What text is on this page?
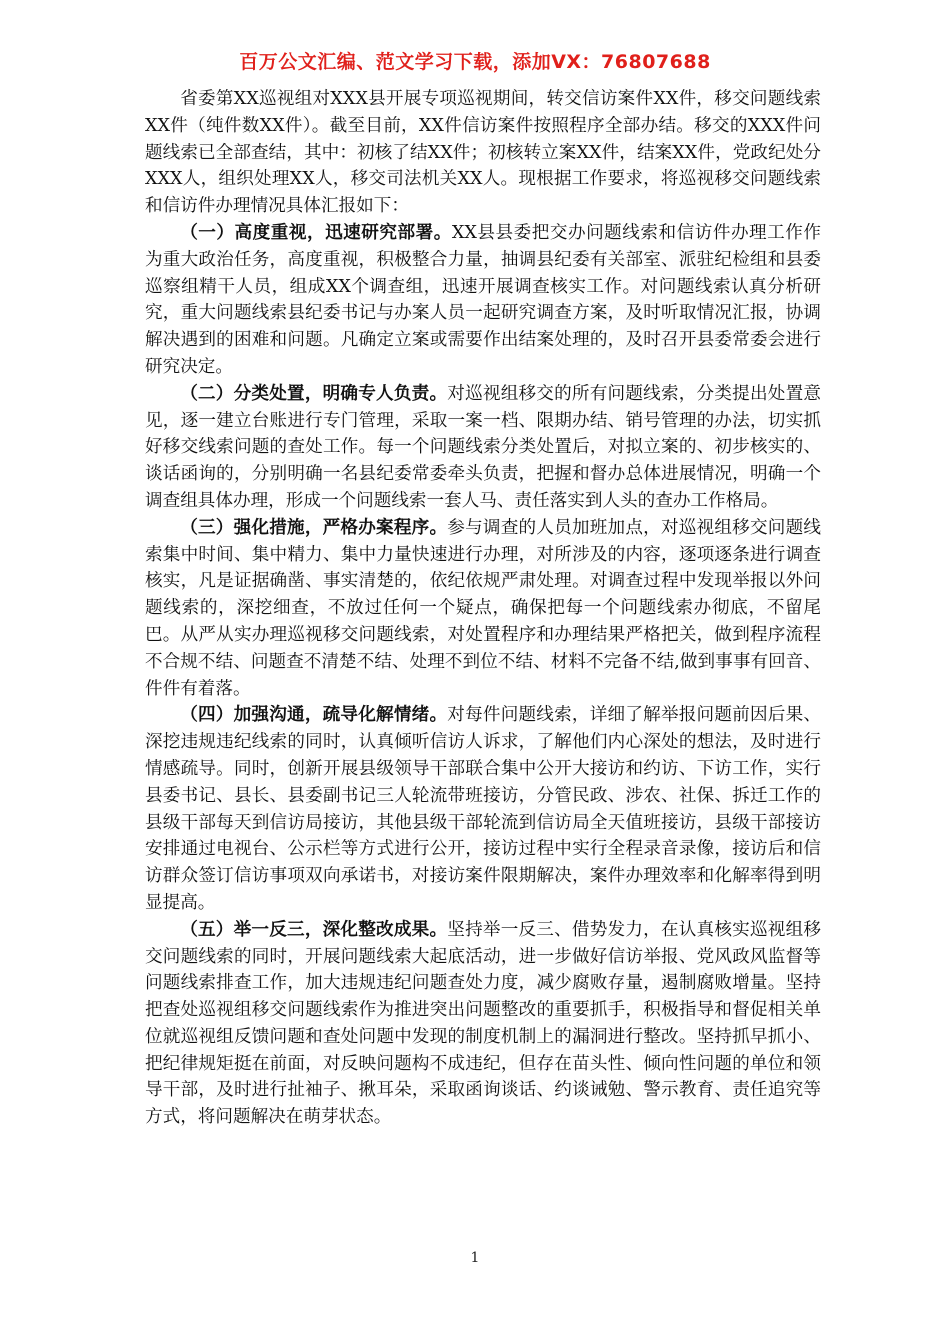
百万公文汇编、范文学习下载，添加VX：76807688

省委第XX巡视组对XXX县开展专项巡视期间，转交信访案件XX件，移交问题线索XX件（纯件数XX件）。截至目前，XX件信访案件按照程序全部办结。移交的XXX件问题线索已全部查结，其中：初核了结XX件；初核转立案XX件，结案XX件，党政纪处分XXX人，组织处理XX人，移交司法机关XX人。现根据工作要求，将巡视移交问题线索和信访件办理情况具体汇报如下：

（一）高度重视，迅速研究部署。XX县县委把交办问题线索和信访件办理工作作为重大政治任务，高度重视，积极整合力量，抽调县纪委有关部室、派驻纪检组和县委巡察组精干人员，组成XX个调查组，迅速开展调查核实工作。对问题线索认真分析研究，重大问题线索县纪委书记与办案人员一起研究调查方案，及时听取情况汇报，协调解决遇到的困难和问题。凡确定立案或需要作出结案处理的，及时召开县委常委会进行研究决定。

（二）分类处置，明确专人负责。对巡视组移交的所有问题线索，分类提出处置意见，逐一建立台账进行专门管理，采取一案一档、限期办结、销号管理的办法，切实抓好移交线索问题的查处工作。每一个问题线索分类处置后，对拟立案的、初步核实的、谈话函询的，分别明确一名县纪委常委牵头负责，把握和督办总体进展情况，明确一个调查组具体办理，形成一个问题线索一套人马、责任落实到人头的查办工作格局。

（三）强化措施，严格办案程序。参与调查的人员加班加点，对巡视组移交问题线索集中时间、集中精力、集中力量快速进行办理，对所涉及的内容，逐项逐条进行调查核实，凡是证据确凿、事实清楚的，依纪依规严肃处理。对调查过程中发现举报以外问题线索的，深挖细查，不放过任何一个疑点，确保把每一个问题线索办彻底，不留尾巴。从严从实办理巡视移交问题线索，对处置程序和办理结果严格把关，做到程序流程不合规不结、问题查不清楚不结、处理不到位不结、材料不完备不结,做到事事有回音、件件有着落。

（四）加强沟通，疏导化解情绪。对每件问题线索，详细了解举报问题前因后果、深挖违规违纪线索的同时，认真倾听信访人诉求，了解他们内心深处的想法，及时进行情感疏导。同时，创新开展县级领导干部联合集中公开大接访和约访、下访工作，实行县委书记、县长、县委副书记三人轮流带班接访，分管民政、涉农、社保、拆迁工作的县级干部每天到信访局接访，其他县级干部轮流到信访局全天值班接访，县级干部接访安排通过电视台、公示栏等方式进行公开，接访过程中实行全程录音录像，接访后和信访群众签订信访事项双向承诺书，对接访案件限期解决，案件办理效率和化解率得到明显提高。

（五）举一反三，深化整改成果。坚持举一反三、借势发力，在认真核实巡视组移交问题线索的同时，开展问题线索大起底活动，进一步做好信访举报、党风政风监督等问题线索排查工作，加大违规违纪问题查处力度，减少腐败存量，遏制腐败增量。坚持把查处巡视组移交问题线索作为推进突出问题整改的重要抓手，积极指导和督促相关单位就巡视组反馈问题和查处问题中发现的制度机制上的漏洞进行整改。坚持抓早抓小、把纪律规矩挺在前面，对反映问题构不成违纪，但存在苗头性、倾向性问题的单位和领导干部，及时进行扯袖子、揪耳朵，采取函询谈话、约谈诫勉、警示教育、责任追究等方式，将问题解决在萌芽状态。

1
